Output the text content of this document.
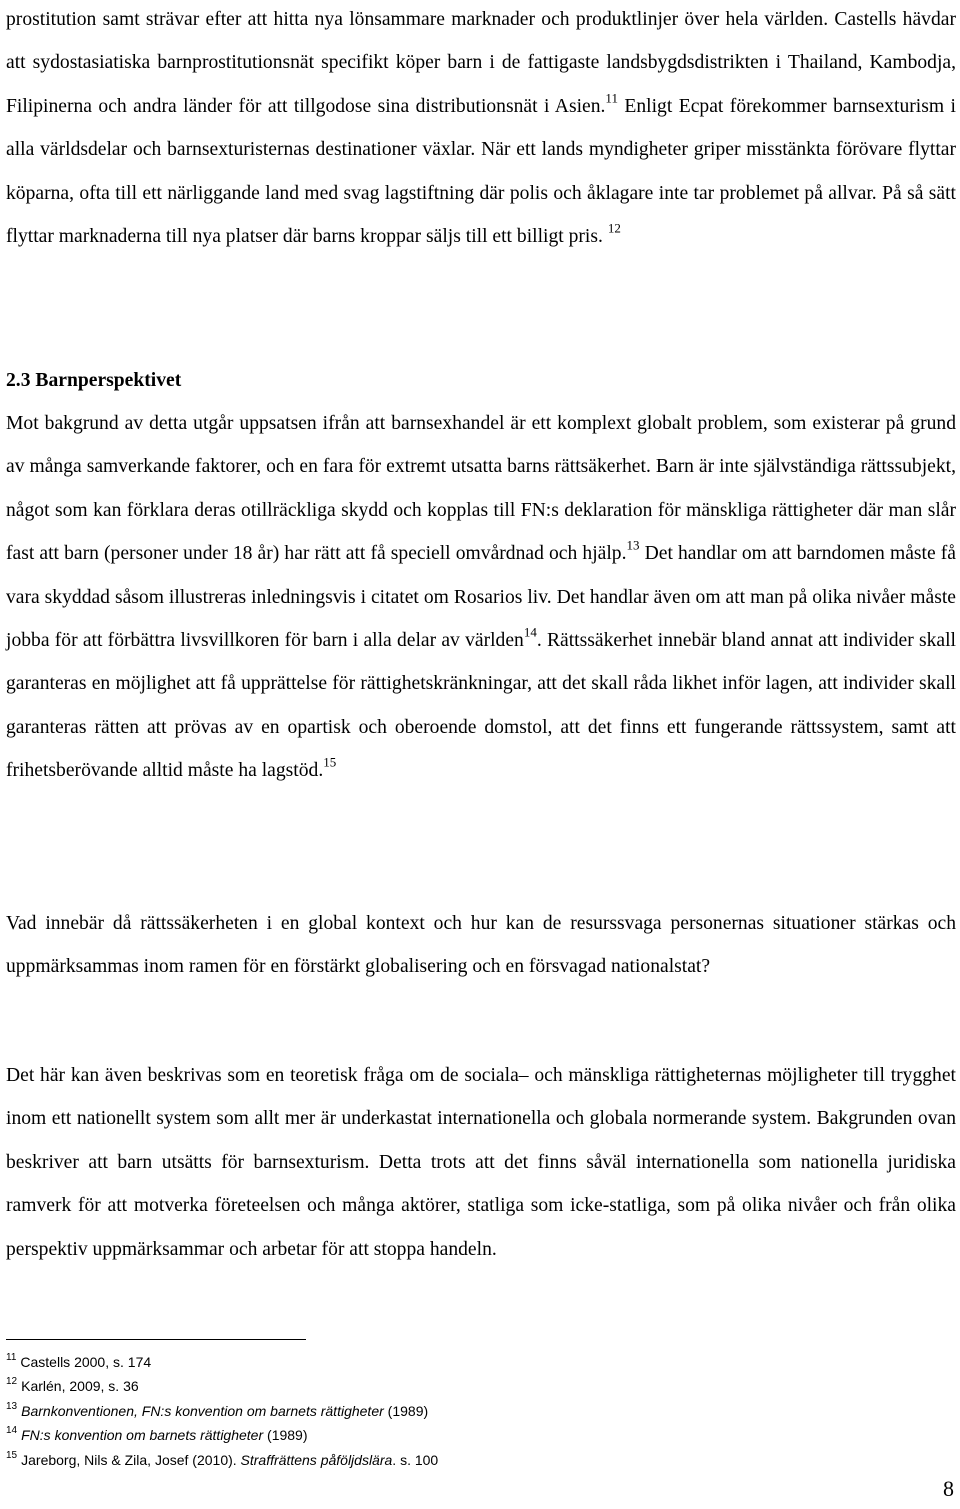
prostitution samt strävar efter att hitta nya lönsammare marknader och produktlinjer över hela världen. Castells hävdar att sydostasiatiska barnprostitutionsnät specifikt köper barn i de fattigaste landsbygdsdistrikten i Thailand, Kambodja, Filipinerna och andra länder för att tillgodose sina distributionsnät i Asien.$^{11}$ Enligt Ecpat förekommer barnsexturism i alla världsdelar och barnsexturisternas destinationer växlar. När ett lands myndigheter griper misstänkta förövare flyttar köparna, ofta till ett närliggande land med svag lagstiftning där polis och åklagare inte tar problemet på allvar. På så sätt flyttar marknaderna till nya platser där barns kroppar säljs till ett billigt pris. $^{12}$

2.3 Barnperspektivet

Mot bakgrund av detta utgår uppsatsen ifrån att barnsexhandel är ett komplext globalt problem, som existerar på grund av många samverkande faktorer, och en fara för extremt utsatta barns rättsäkerhet. Barn är inte självständiga rättssubjekt, något som kan förklara deras otillräckliga skydd och kopplas till FN:s deklaration för mänskliga rättigheter där man slår fast att barn (personer under 18 år) har rätt att få speciell omvårdnad och hjälp.$^{13}$ Det handlar om att barndomen måste få vara skyddad såsom illustreras inledningsvis i citatet om Rosarios liv. Det handlar även om att man på olika nivåer måste jobba för att förbättra livsvillkoren för barn i alla delar av världen$^{14}$. Rättssäkerhet innebär bland annat att individer skall garanteras en möjlighet att få upprättelse för rättighetskränkningar, att det skall råda likhet inför lagen, att individer skall garanteras rätten att prövas av en opartisk och oberoende domstol, att det finns ett fungerande rättssystem, samt att frihetsberövande alltid måste ha lagstöd.$^{15}$

Vad innebär då rättssäkerheten i en global kontext och hur kan de resurssvaga personernas situationer stärkas och uppmärksammas inom ramen för en förstärkt globalisering och en försvagad nationalstat?

Det här kan även beskrivas som en teoretisk fråga om de sociala– och mänskliga rättigheternas möjligheter till trygghet inom ett nationellt system som allt mer är underkastat internationella och globala normerande system. Bakgrunden ovan beskriver att barn utsätts för barnsexturism. Detta trots att det finns såväl internationella som nationella juridiska ramverk för att motverka företeelsen och många aktörer, statliga som icke-statliga, som på olika nivåer och från olika perspektiv uppmärksammar och arbetar för att stoppa handeln.

$^{11}$ Castells 2000, s. 174
$^{12}$ Karlén, 2009, s. 36
$^{13}$ Barnkonventionen, FN:s konvention om barnets rättigheter (1989)
$^{14}$ FN:s konvention om barnets rättigheter (1989)
$^{15}$ Jareborg, Nils & Zila, Josef (2010). Straffrättens påföljdslära. s. 100
8
